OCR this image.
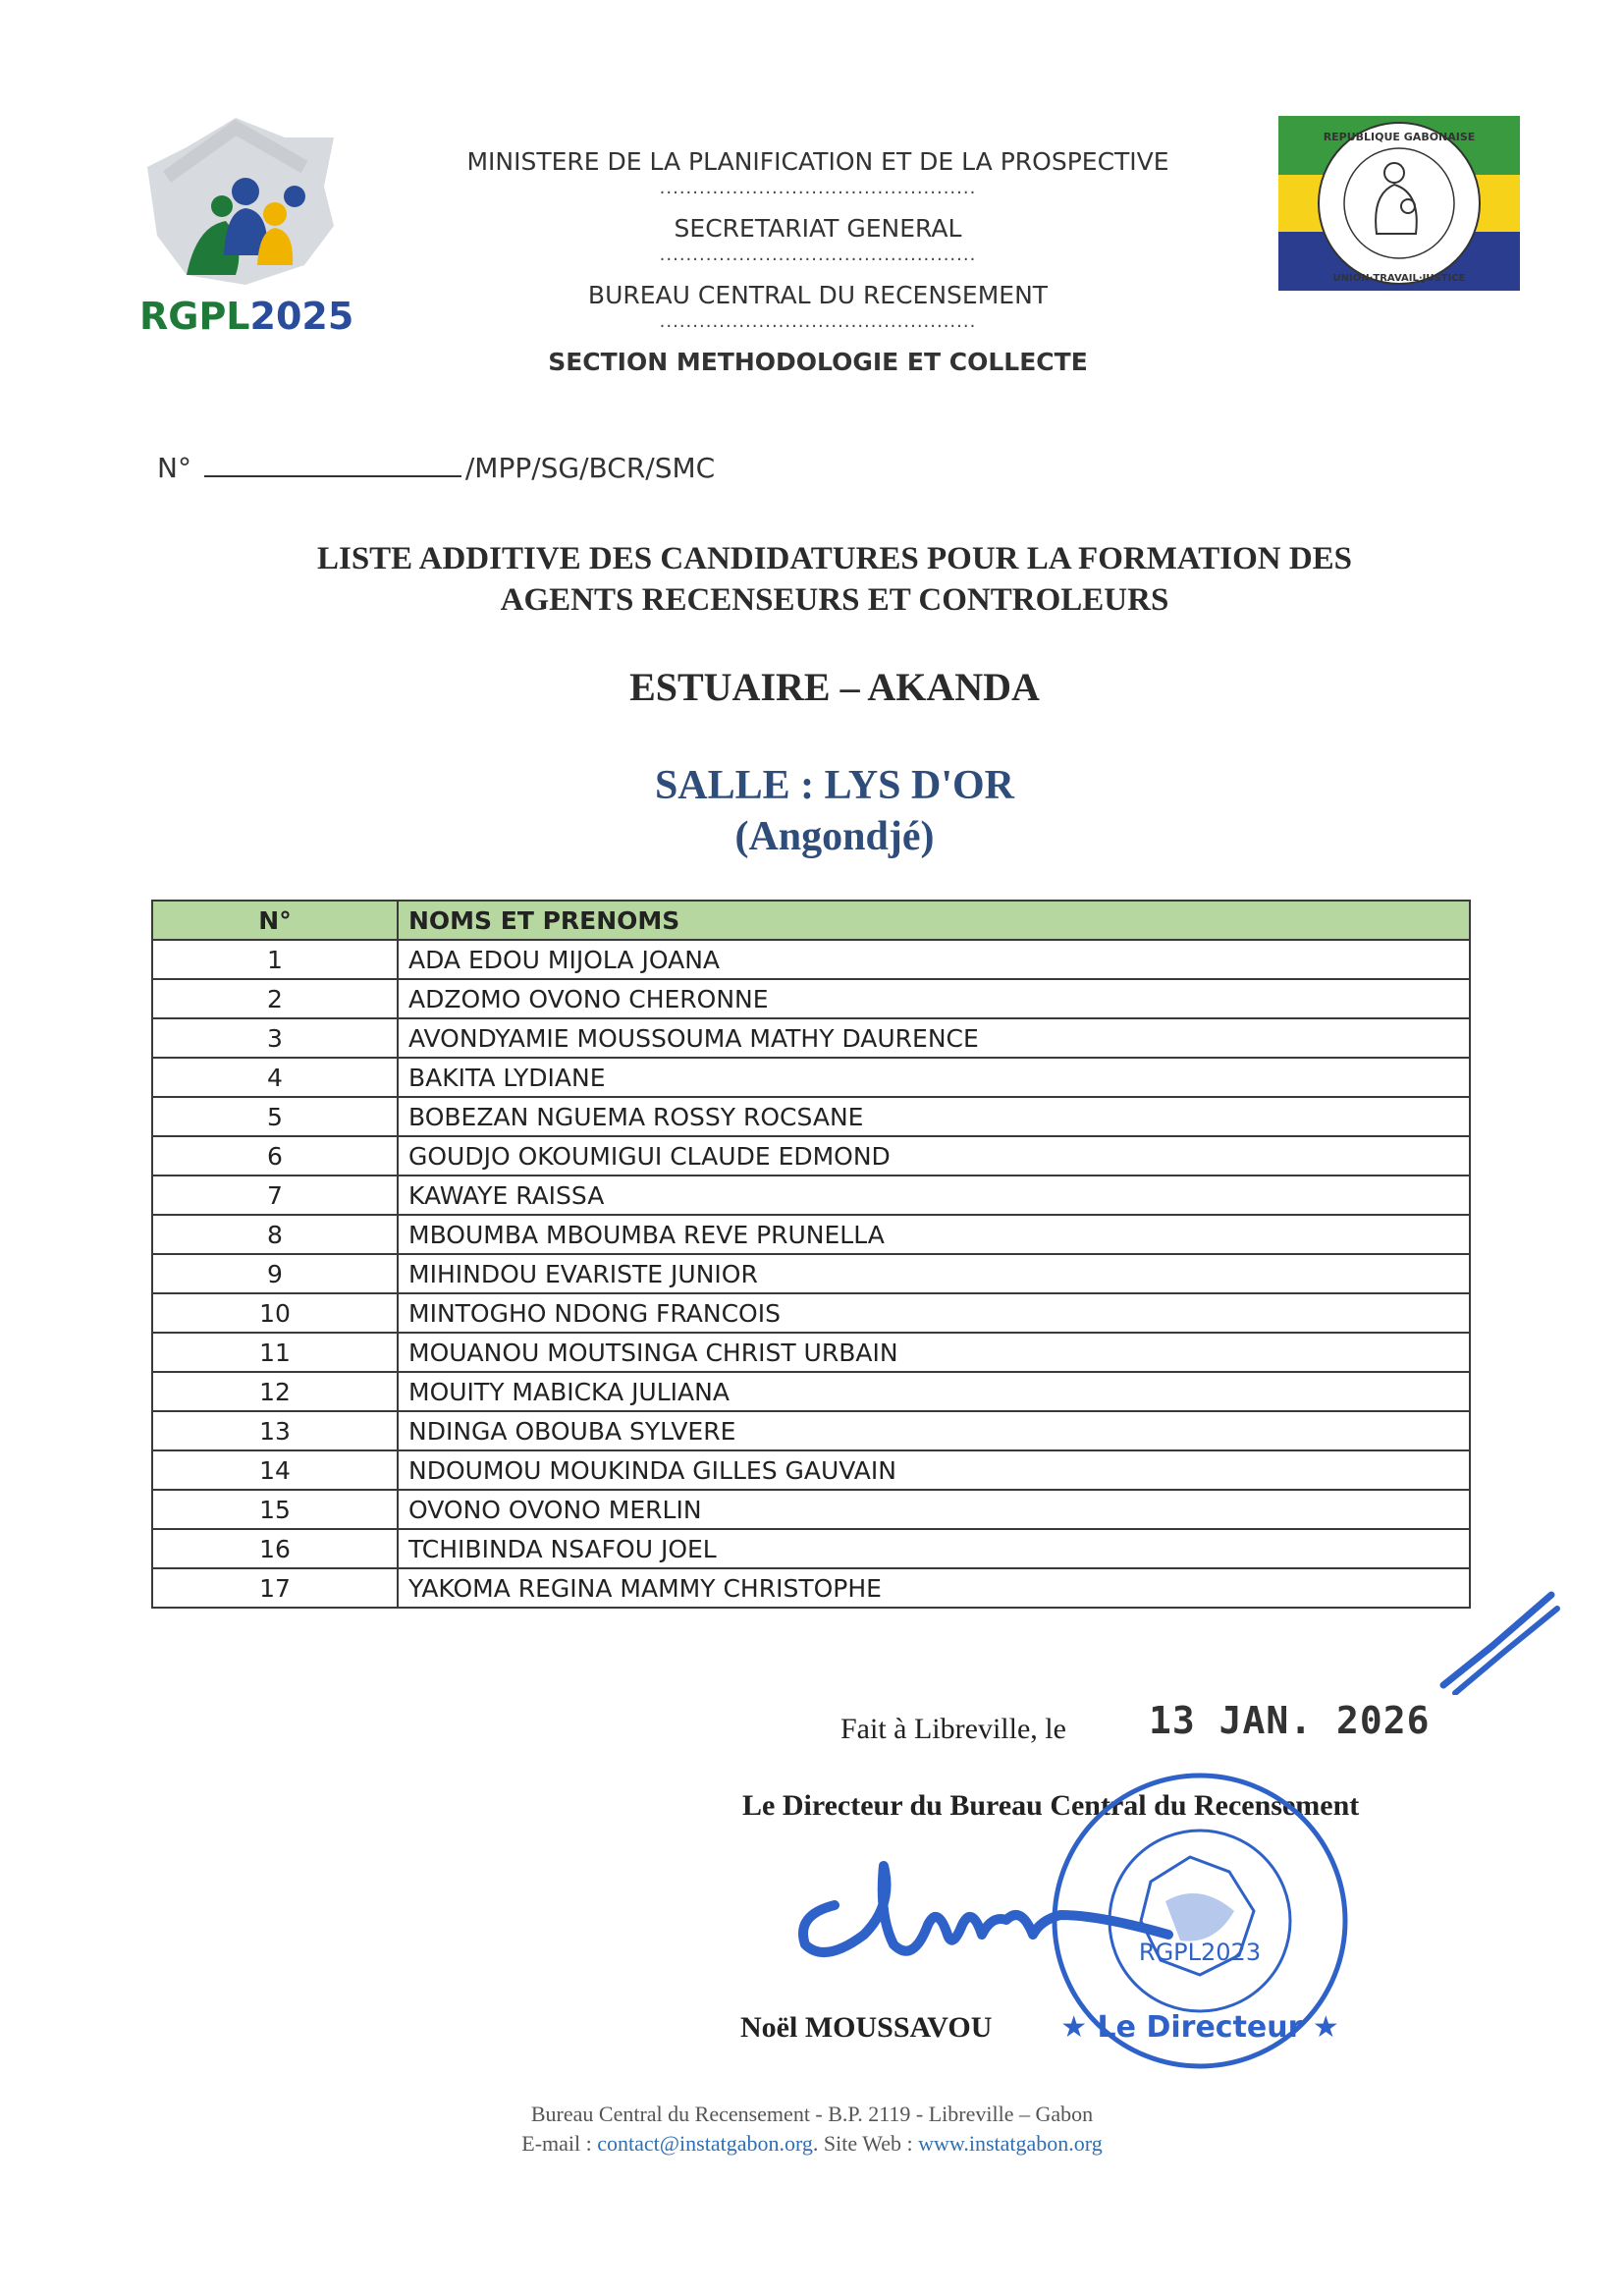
RGPL2025
MINISTERE DE LA PLANIFICATION ET DE LA PROSPECTIVE
................................................
SECRETARIAT GENERAL
................................................
BUREAU CENTRAL DU RECENSEMENT
................................................
SECTION METHODOLOGIE ET COLLECTE
REPUBLIQUE GABONAISE
UNION·TRAVAIL·JUSTICE
N°	/MPP/SG/BCR/SMC
LISTE ADDITIVE DES CANDIDATURES POUR LA FORMATION DES
AGENTS RECENSEURS ET CONTROLEURS
ESTUAIRE – AKANDA
SALLE : LYS D'OR
(Angondjé)
N°	NOMS ET PRENOMS
1	ADA EDOU MIJOLA JOANA
2	ADZOMO OVONO CHERONNE
3	AVONDYAMIE MOUSSOUMA MATHY DAURENCE
4	BAKITA LYDIANE
5	BOBEZAN NGUEMA ROSSY ROCSANE
6	GOUDJO OKOUMIGUI CLAUDE EDMOND
7	KAWAYE RAISSA
8	MBOUMBA MBOUMBA REVE PRUNELLA
9	MIHINDOU EVARISTE JUNIOR
10	MINTOGHO NDONG FRANCOIS
11	MOUANOU MOUTSINGA CHRIST URBAIN
12	MOUITY MABICKA JULIANA
13	NDINGA OBOUBA SYLVERE
14	NDOUMOU MOUKINDA GILLES GAUVAIN
15	OVONO OVONO MERLIN
16	TCHIBINDA NSAFOU JOEL
17	YAKOMA REGINA MAMMY CHRISTOPHE
Fait à Libreville, le 13 JAN. 2026
Le Directeur du Bureau Central du Recensement
RGPL2023
★ Le Directeur ★
Noël MOUSSAVOU
Bureau Central du Recensement - B.P. 2119 - Libreville – Gabon
E-mail : contact@instatgabon.org. Site Web : www.instatgabon.org
